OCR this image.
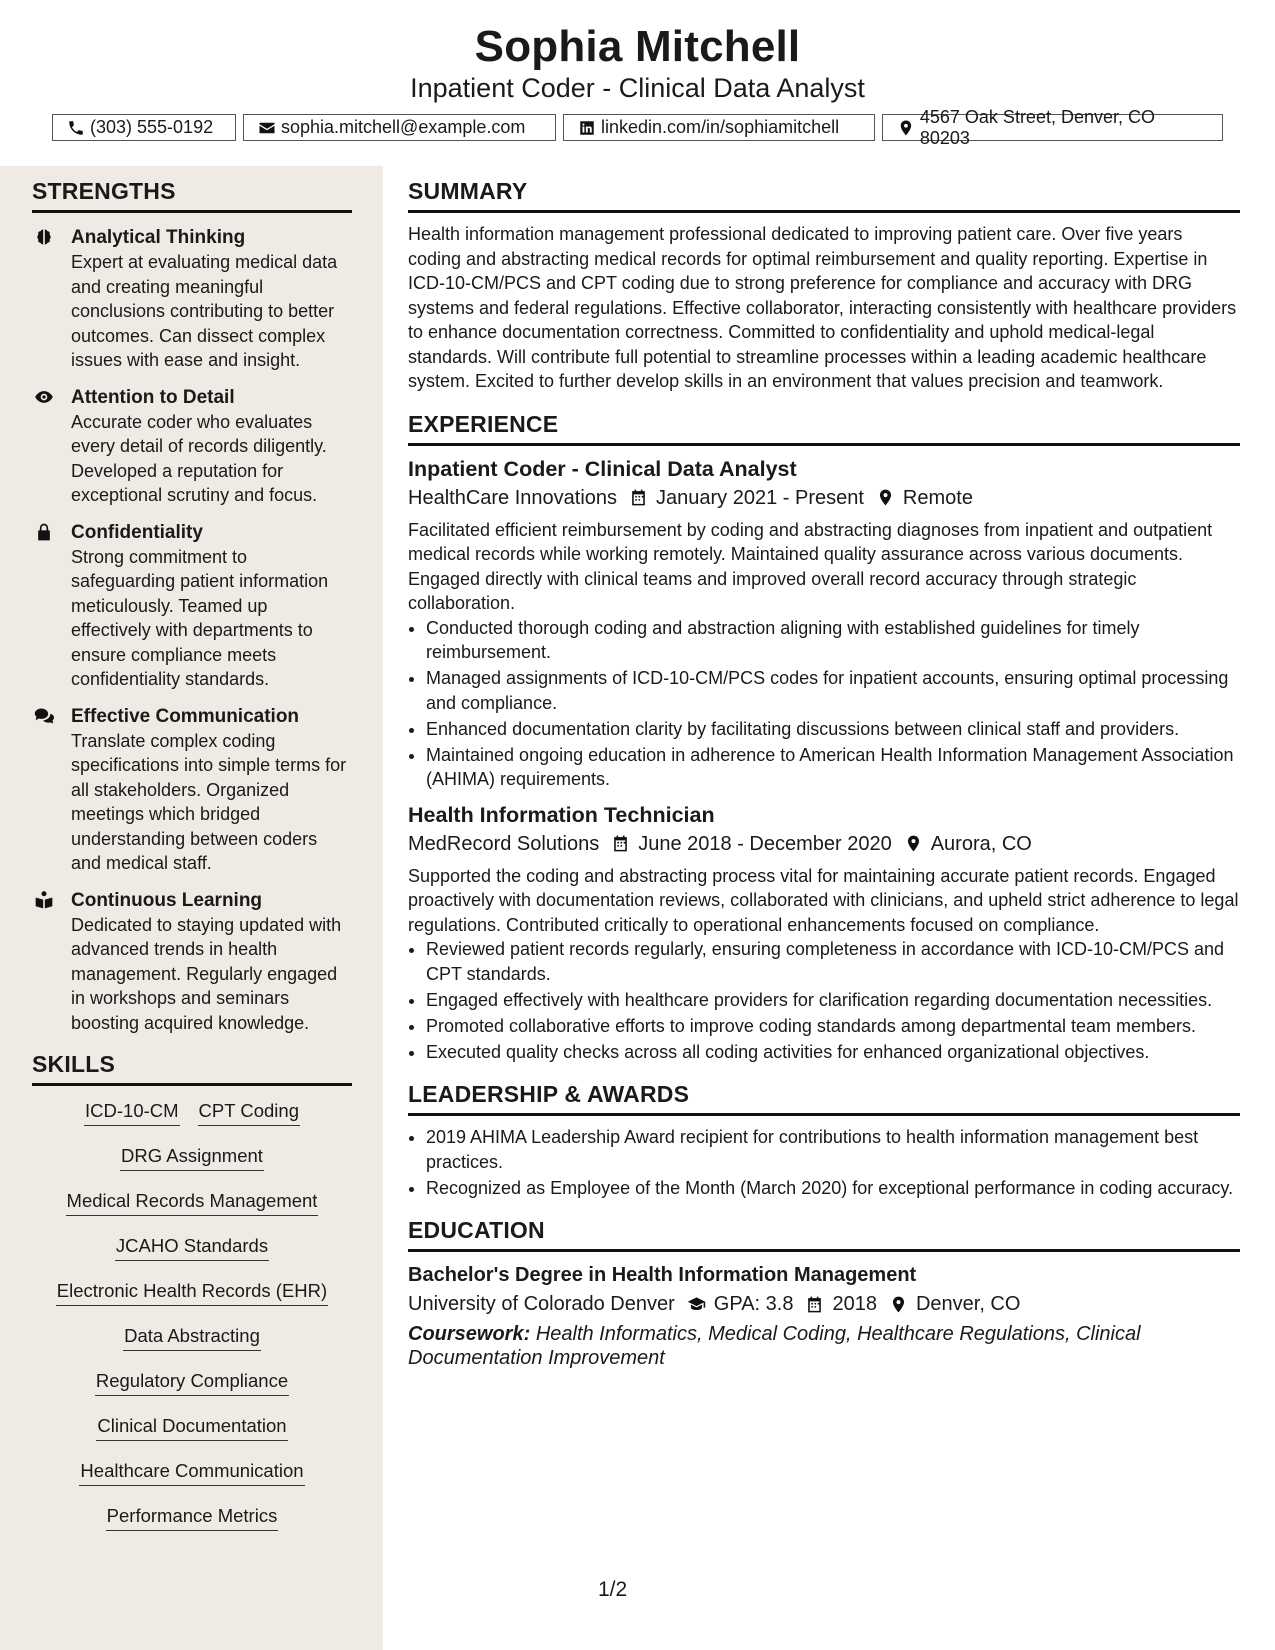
Sophia Mitchell
Inpatient Coder - Clinical Data Analyst
(303) 555-0192	sophia.mitchell@example.com	linkedin.com/in/sophiamitchell
4567 Oak Street, Denver, CO 80203
STRENGTHS
Analytical Thinking
Expert at evaluating medical data and creating meaningful conclusions contributing to better outcomes. Can dissect complex issues with ease and insight.
Attention to Detail
Accurate coder who evaluates every detail of records diligently. Developed a reputation for exceptional scrutiny and focus.
Confidentiality
Strong commitment to safeguarding patient information meticulously. Teamed up effectively with departments to ensure compliance meets confidentiality standards.
Effective Communication
Translate complex coding specifications into simple terms for all stakeholders. Organized meetings which bridged understanding between coders and medical staff.
Continuous Learning
Dedicated to staying updated with advanced trends in health management. Regularly engaged in workshops and seminars boosting acquired knowledge.
SKILLS
ICD-10-CM CPT Coding
DRG Assignment
Medical Records Management
JCAHO Standards
Electronic Health Records (EHR)
Data Abstracting
Regulatory Compliance
Clinical Documentation
Healthcare Communication
Performance Metrics
SUMMARY
Health information management professional dedicated to improving patient care. Over five years coding and abstracting medical records for optimal reimbursement and quality reporting. Expertise in ICD-10-CM/PCS and CPT coding due to strong preference for compliance and accuracy with DRG systems and federal regulations. Effective collaborator, interacting consistently with healthcare providers to enhance documentation correctness. Committed to confidentiality and uphold medical-legal standards. Will contribute full potential to streamline processes within a leading academic healthcare system. Excited to further develop skills in an environment that values precision and teamwork.
EXPERIENCE
Inpatient Coder - Clinical Data Analyst
HealthCare Innovations January 2021 - Present Remote
Facilitated efficient reimbursement by coding and abstracting diagnoses from inpatient and outpatient medical records while working remotely. Maintained quality assurance across various documents. Engaged directly with clinical teams and improved overall record accuracy through strategic collaboration.
• Conducted thorough coding and abstraction aligning with established guidelines for timely reimbursement.
• Managed assignments of ICD-10-CM/PCS codes for inpatient accounts, ensuring optimal processing and compliance.
• Enhanced documentation clarity by facilitating discussions between clinical staff and providers.
• Maintained ongoing education in adherence to American Health Information Management Association (AHIMA) requirements.
Health Information Technician
MedRecord Solutions June 2018 - December 2020 Aurora, CO
Supported the coding and abstracting process vital for maintaining accurate patient records. Engaged proactively with documentation reviews, collaborated with clinicians, and upheld strict adherence to legal regulations. Contributed critically to operational enhancements focused on compliance.
• Reviewed patient records regularly, ensuring completeness in accordance with ICD-10-CM/PCS and CPT standards.
• Engaged effectively with healthcare providers for clarification regarding documentation necessities.
• Promoted collaborative efforts to improve coding standards among departmental team members.
• Executed quality checks across all coding activities for enhanced organizational objectives.
LEADERSHIP & AWARDS
• 2019 AHIMA Leadership Award recipient for contributions to health information management best practices.
• Recognized as Employee of the Month (March 2020) for exceptional performance in coding accuracy.
EDUCATION
Bachelor's Degree in Health Information Management
University of Colorado Denver GPA: 3.8 2018 Denver, CO
Coursework: Health Informatics, Medical Coding, Healthcare Regulations, Clinical Documentation Improvement
1/2
